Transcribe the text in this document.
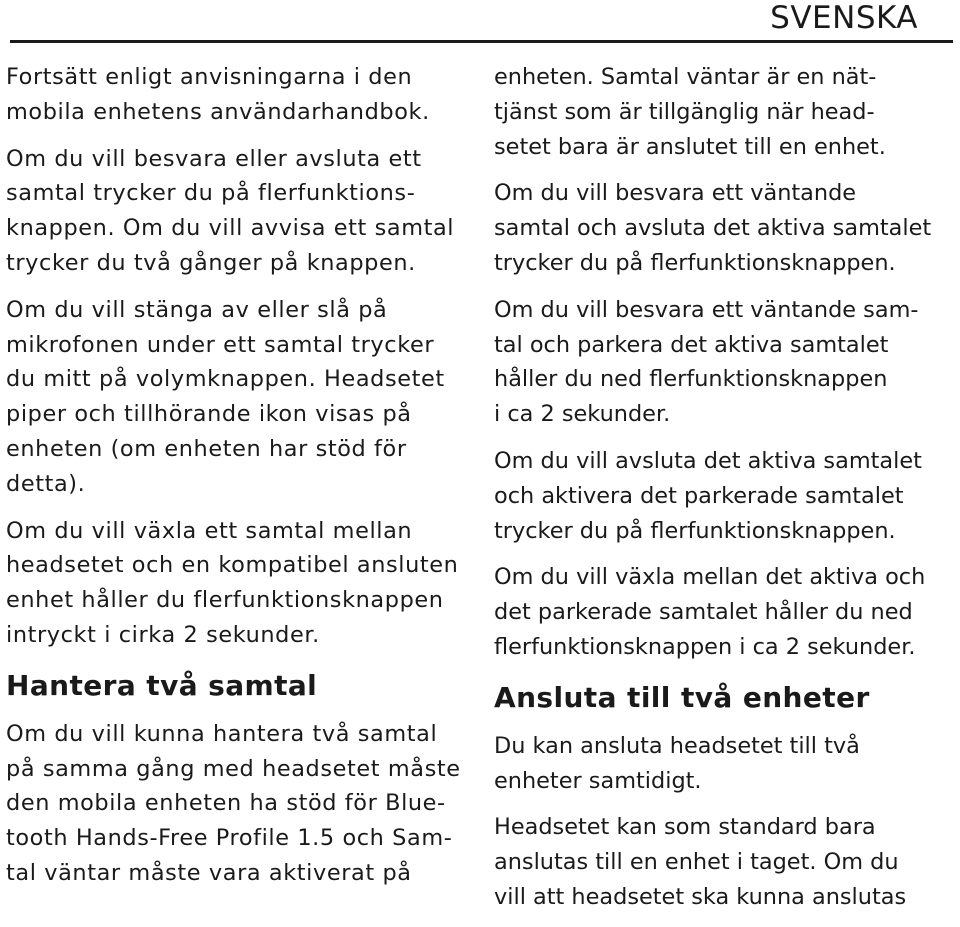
SVENSKA

Fortsätt enligt anvisningarna i den
mobila enhetens användarhandbok.

Om du vill besvara eller avsluta ett
samtal trycker du på flerfunktions-
knappen. Om du vill avvisa ett samtal
trycker du två gånger på knappen.

Om du vill stänga av eller slå på
mikrofonen under ett samtal trycker
du mitt på volymknappen. Headsetet
piper och tillhörande ikon visas på
enheten (om enheten har stöd för
detta).

Om du vill växla ett samtal mellan
headsetet och en kompatibel ansluten
enhet håller du flerfunktionsknappen
intryckt i cirka 2 sekunder.

Hantera två samtal

Om du vill kunna hantera två samtal
på samma gång med headsetet måste
den mobila enheten ha stöd för Blue-
tooth Hands-Free Profile 1.5 och Sam-
tal väntar måste vara aktiverat på

enheten. Samtal väntar är en nät-
tjänst som är tillgänglig när head-
setet bara är anslutet till en enhet.

Om du vill besvara ett väntande
samtal och avsluta det aktiva samtalet
trycker du på flerfunktionsknappen.

Om du vill besvara ett väntande sam-
tal och parkera det aktiva samtalet
håller du ned flerfunktionsknappen
i ca 2 sekunder.

Om du vill avsluta det aktiva samtalet
och aktivera det parkerade samtalet
trycker du på flerfunktionsknappen.

Om du vill växla mellan det aktiva och
det parkerade samtalet håller du ned
flerfunktionsknappen i ca 2 sekunder.

Ansluta till två enheter

Du kan ansluta headsetet till två
enheter samtidigt.

Headsetet kan som standard bara
anslutas till en enhet i taget. Om du
vill att headsetet ska kunna anslutas
